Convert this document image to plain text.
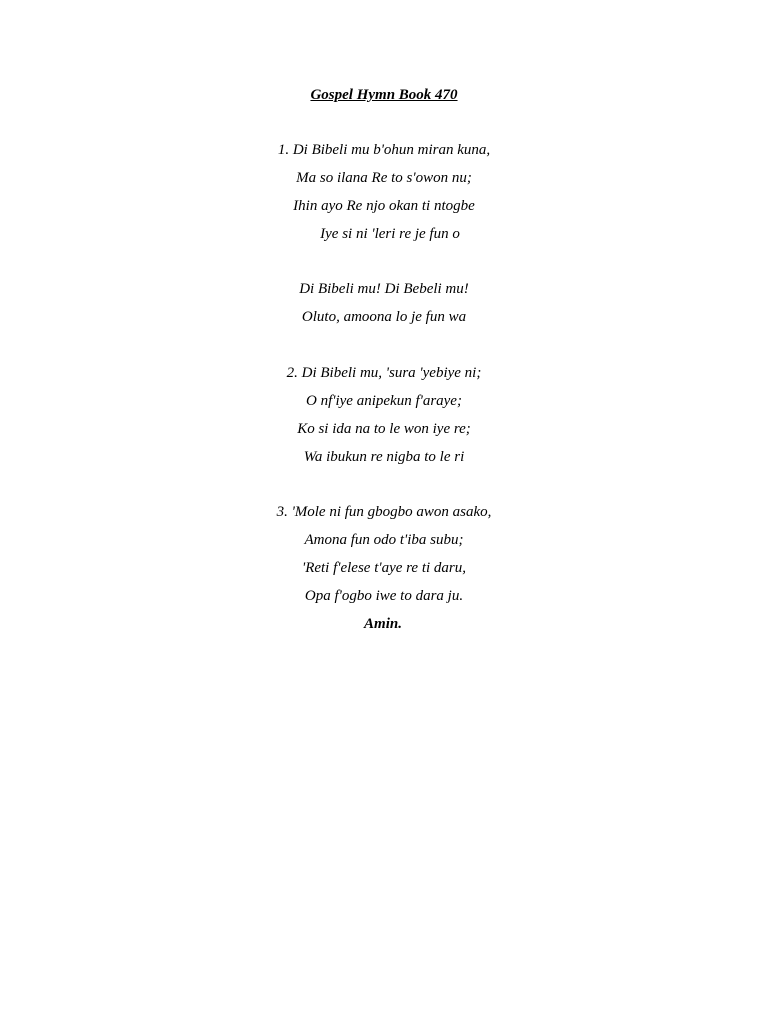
Gospel Hymn Book 470
1. Di Bibeli mu b'ohun miran kuna,
Ma so ilana Re to s'owon nu;
Ihin ayo Re njo okan ti ntogbe
Iye si ni 'leri re je fun o
Di Bibeli mu! Di Bebeli mu!
Oluto, amoona lo je fun wa
2. Di Bibeli mu, 'sura 'yebiye ni;
O nf'iye anipekun f'araye;
Ko si ida na to le won iye re;
Wa ibukun re nigba to le ri
3. 'Mole ni fun gbogbo awon asako,
Amona fun odo t'iba subu;
'Reti f'elese t'aye re ti daru,
Opa f'ogbo iwe to dara ju.
Amin.
